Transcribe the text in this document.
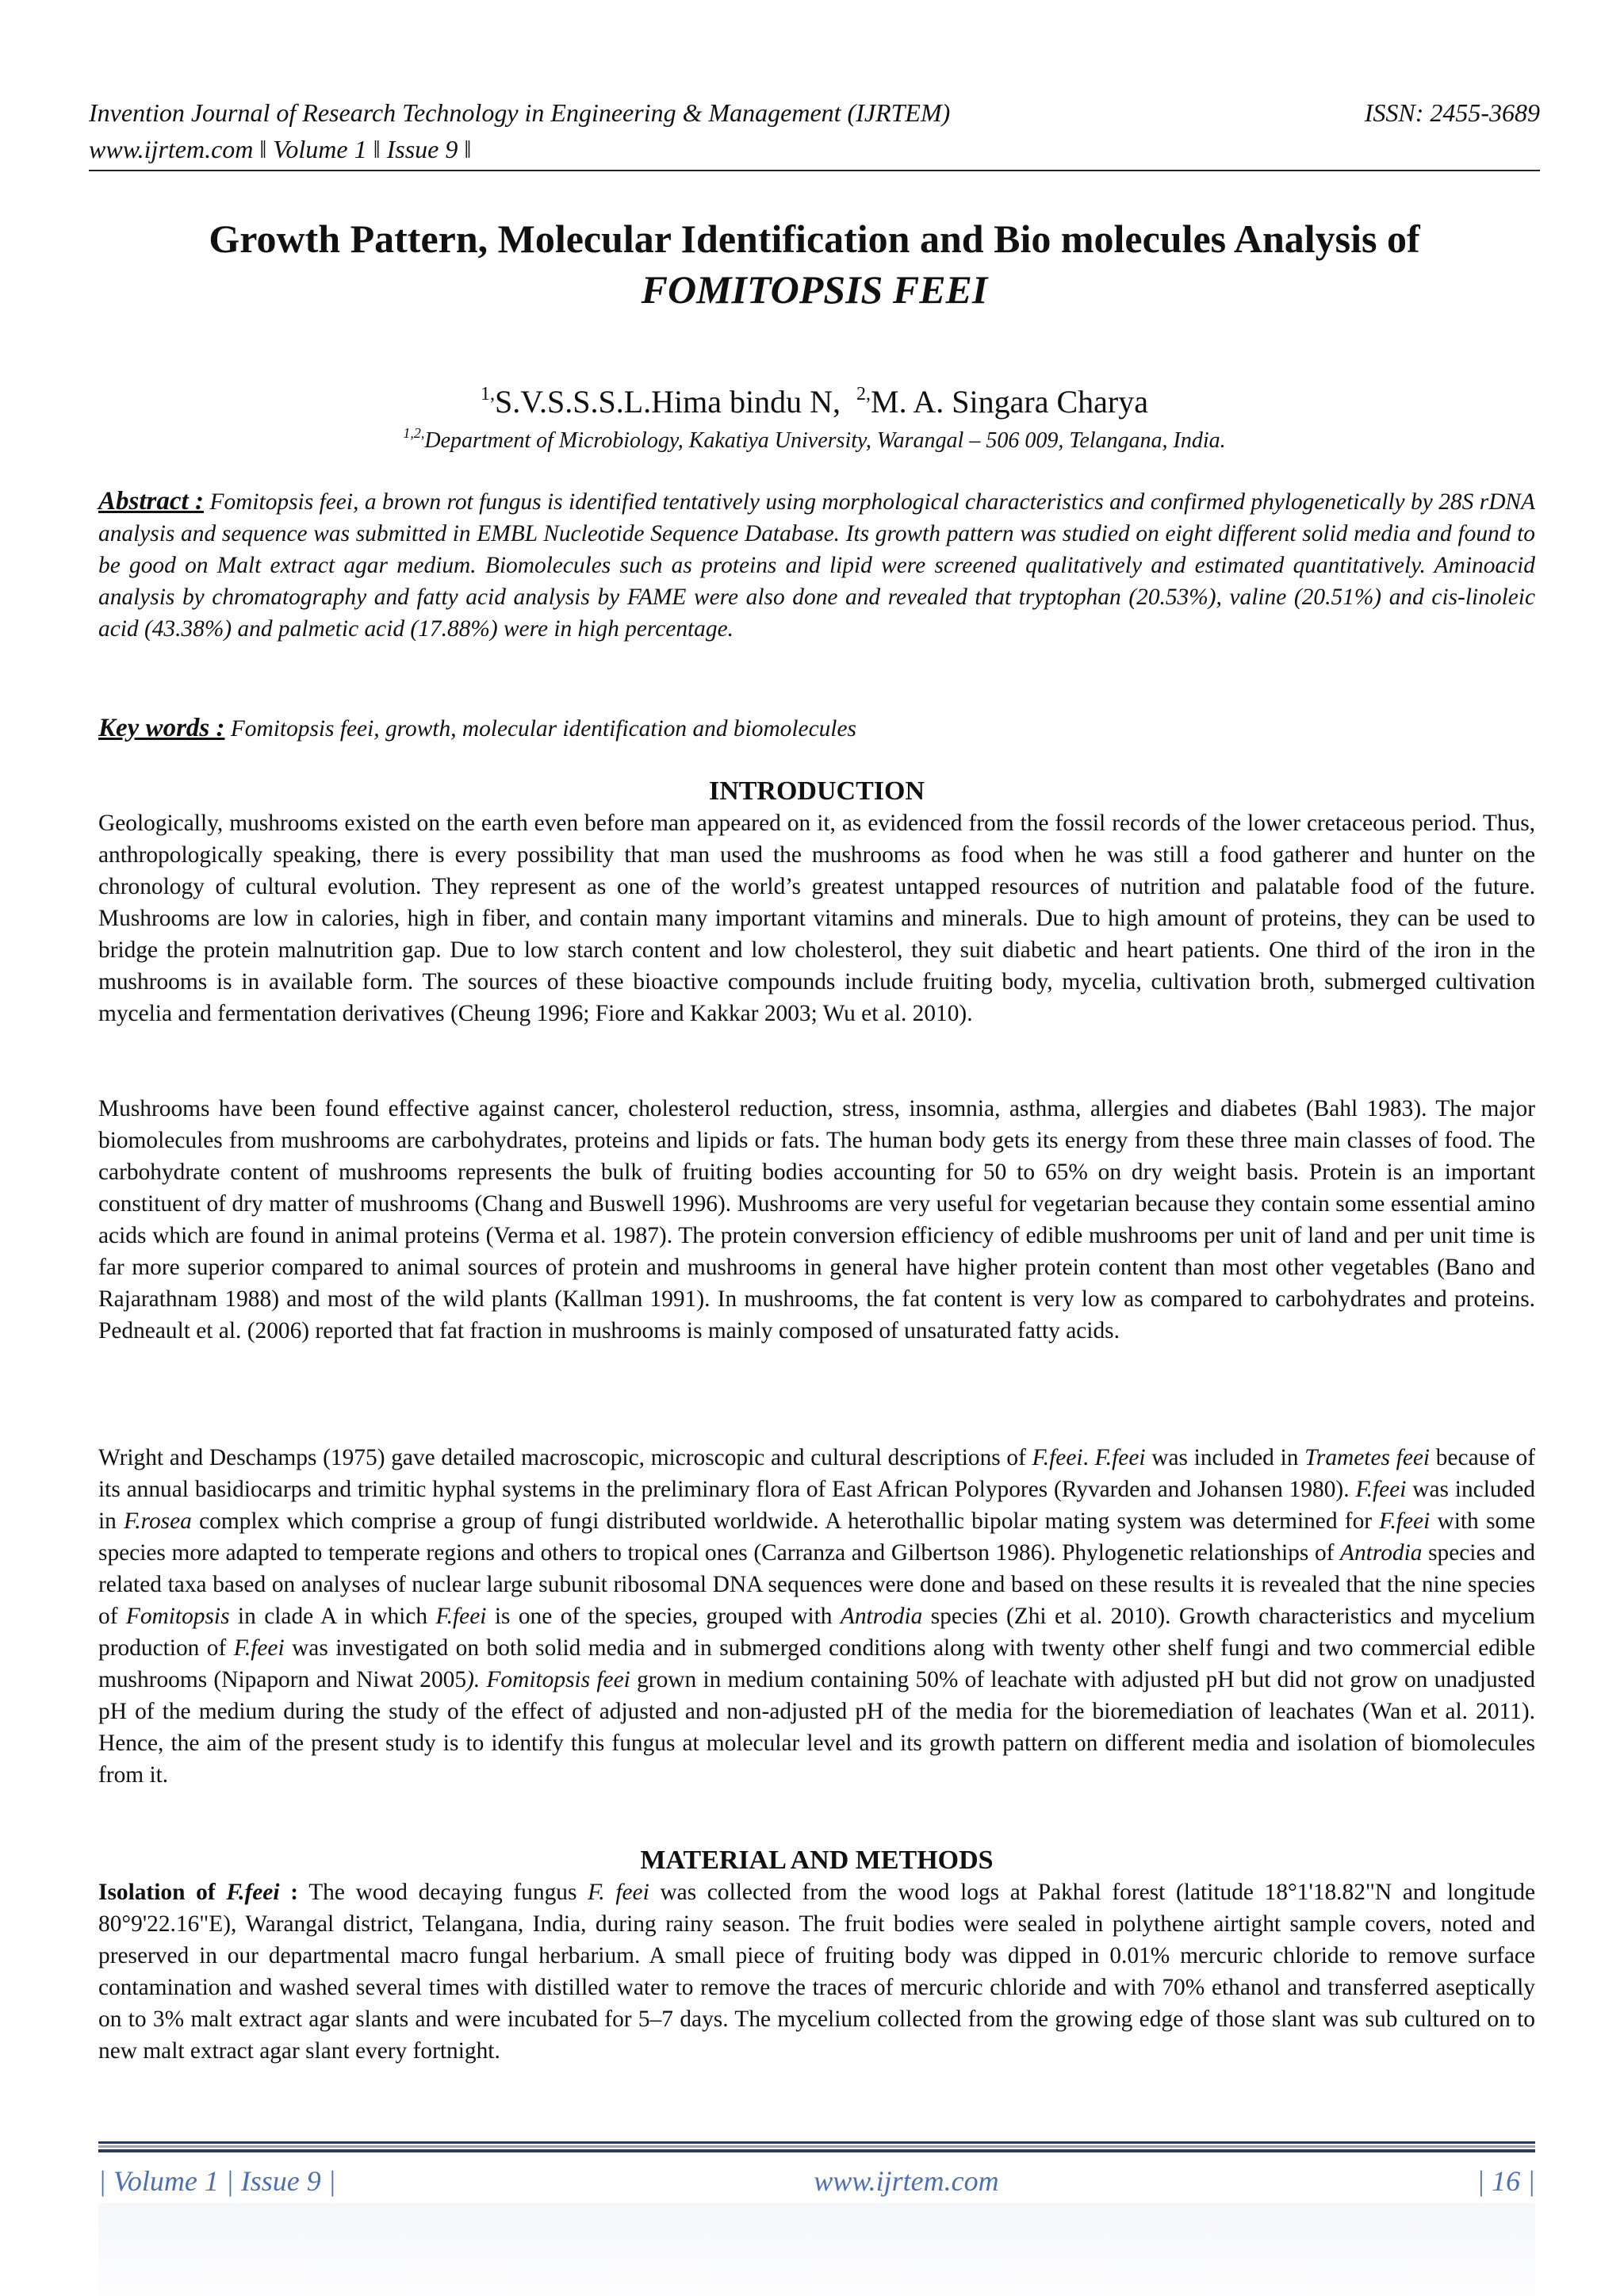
Invention Journal of Research Technology in Engineering & Management (IJRTEM)	ISSN: 2455-3689
www.ijrtem.com ǁ Volume 1 ǁ Issue 9 ǁ
Growth Pattern, Molecular Identification and Bio molecules Analysis of
FOMITOPSIS FEEI
$^{1,}$S.V.S.S.S.L.Hima bindu N, $^{2,}$M. A. Singara Charya
$^{1,2,}$Department of Microbiology, Kakatiya University, Warangal – 506 009, Telangana, India.
Abstract : Fomitopsis feei, a brown rot fungus is identified tentatively using morphological characteristics and confirmed phylogenetically by 28S rDNA analysis and sequence was submitted in EMBL Nucleotide Sequence Database. Its growth pattern was studied on eight different solid media and found to be good on Malt extract agar medium. Biomolecules such as proteins and lipid were screened qualitatively and estimated quantitatively. Aminoacid analysis by chromatography and fatty acid analysis by FAME were also done and revealed that tryptophan (20.53%), valine (20.51%) and cis-linoleic acid (43.38%) and palmetic acid (17.88%) were in high percentage.
Key words : Fomitopsis feei, growth, molecular identification and biomolecules
INTRODUCTION

Geologically, mushrooms existed on the earth even before man appeared on it, as evidenced from the fossil records of the lower cretaceous period. Thus, anthropologically speaking, there is every possibility that man used the mushrooms as food when he was still a food gatherer and hunter on the chronology of cultural evolution. They represent as one of the world’s greatest untapped resources of nutrition and palatable food of the future. Mushrooms are low in calories, high in fiber, and contain many important vitamins and minerals. Due to high amount of proteins, they can be used to bridge the protein malnutrition gap. Due to low starch content and low cholesterol, they suit diabetic and heart patients. One third of the iron in the mushrooms is in available form. The sources of these bioactive compounds include fruiting body, mycelia, cultivation broth, submerged cultivation mycelia and fermentation derivatives (Cheung 1996; Fiore and Kakkar 2003; Wu et al. 2010).

Mushrooms have been found effective against cancer, cholesterol reduction, stress, insomnia, asthma, allergies and diabetes (Bahl 1983). The major biomolecules from mushrooms are carbohydrates, proteins and lipids or fats. The human body gets its energy from these three main classes of food. The carbohydrate content of mushrooms represents the bulk of fruiting bodies accounting for 50 to 65% on dry weight basis. Protein is an important constituent of dry matter of mushrooms (Chang and Buswell 1996). Mushrooms are very useful for vegetarian because they contain some essential amino acids which are found in animal proteins (Verma et al. 1987). The protein conversion efficiency of edible mushrooms per unit of land and per unit time is far more superior compared to animal sources of protein and mushrooms in general have higher protein content than most other vegetables (Bano and Rajarathnam 1988) and most of the wild plants (Kallman 1991). In mushrooms, the fat content is very low as compared to carbohydrates and proteins. Pedneault et al. (2006) reported that fat fraction in mushrooms is mainly composed of unsaturated fatty acids.

Wright and Deschamps (1975) gave detailed macroscopic, microscopic and cultural descriptions of F.feei. F.feei was included in Trametes feei because of its annual basidiocarps and trimitic hyphal systems in the preliminary flora of East African Polypores (Ryvarden and Johansen 1980). F.feei was included in F.rosea complex which comprise a group of fungi distributed worldwide. A heterothallic bipolar mating system was determined for F.feei with some species more adapted to temperate regions and others to tropical ones (Carranza and Gilbertson 1986). Phylogenetic relationships of Antrodia species and related taxa based on analyses of nuclear large subunit ribosomal DNA sequences were done and based on these results it is revealed that the nine species of Fomitopsis in clade A in which F.feei is one of the species, grouped with Antrodia species (Zhi et al. 2010). Growth characteristics and mycelium production of F.feei was investigated on both solid media and in submerged conditions along with twenty other shelf fungi and two commercial edible mushrooms (Nipaporn and Niwat 2005). Fomitopsis feei grown in medium containing 50% of leachate with adjusted pH but did not grow on unadjusted pH of the medium during the study of the effect of adjusted and non-adjusted pH of the media for the bioremediation of leachates (Wan et al. 2011). Hence, the aim of the present study is to identify this fungus at molecular level and its growth pattern on different media and isolation of biomolecules from it.

MATERIAL AND METHODS

Isolation of F.feei : The wood decaying fungus F. feei was collected from the wood logs at Pakhal forest (latitude 18°1'18.82"N and longitude 80°9'22.16"E), Warangal district, Telangana, India, during rainy season. The fruit bodies were sealed in polythene airtight sample covers, noted and preserved in our departmental macro fungal herbarium. A small piece of fruiting body was dipped in 0.01% mercuric chloride to remove surface contamination and washed several times with distilled water to remove the traces of mercuric chloride and with 70% ethanol and transferred aseptically on to 3% malt extract agar slants and were incubated for 5–7 days. The mycelium collected from the growing edge of those slant was sub cultured on to new malt extract agar slant every fortnight.

| Volume 1 | Issue 9 |	www.ijrtem.com	| 16 |
